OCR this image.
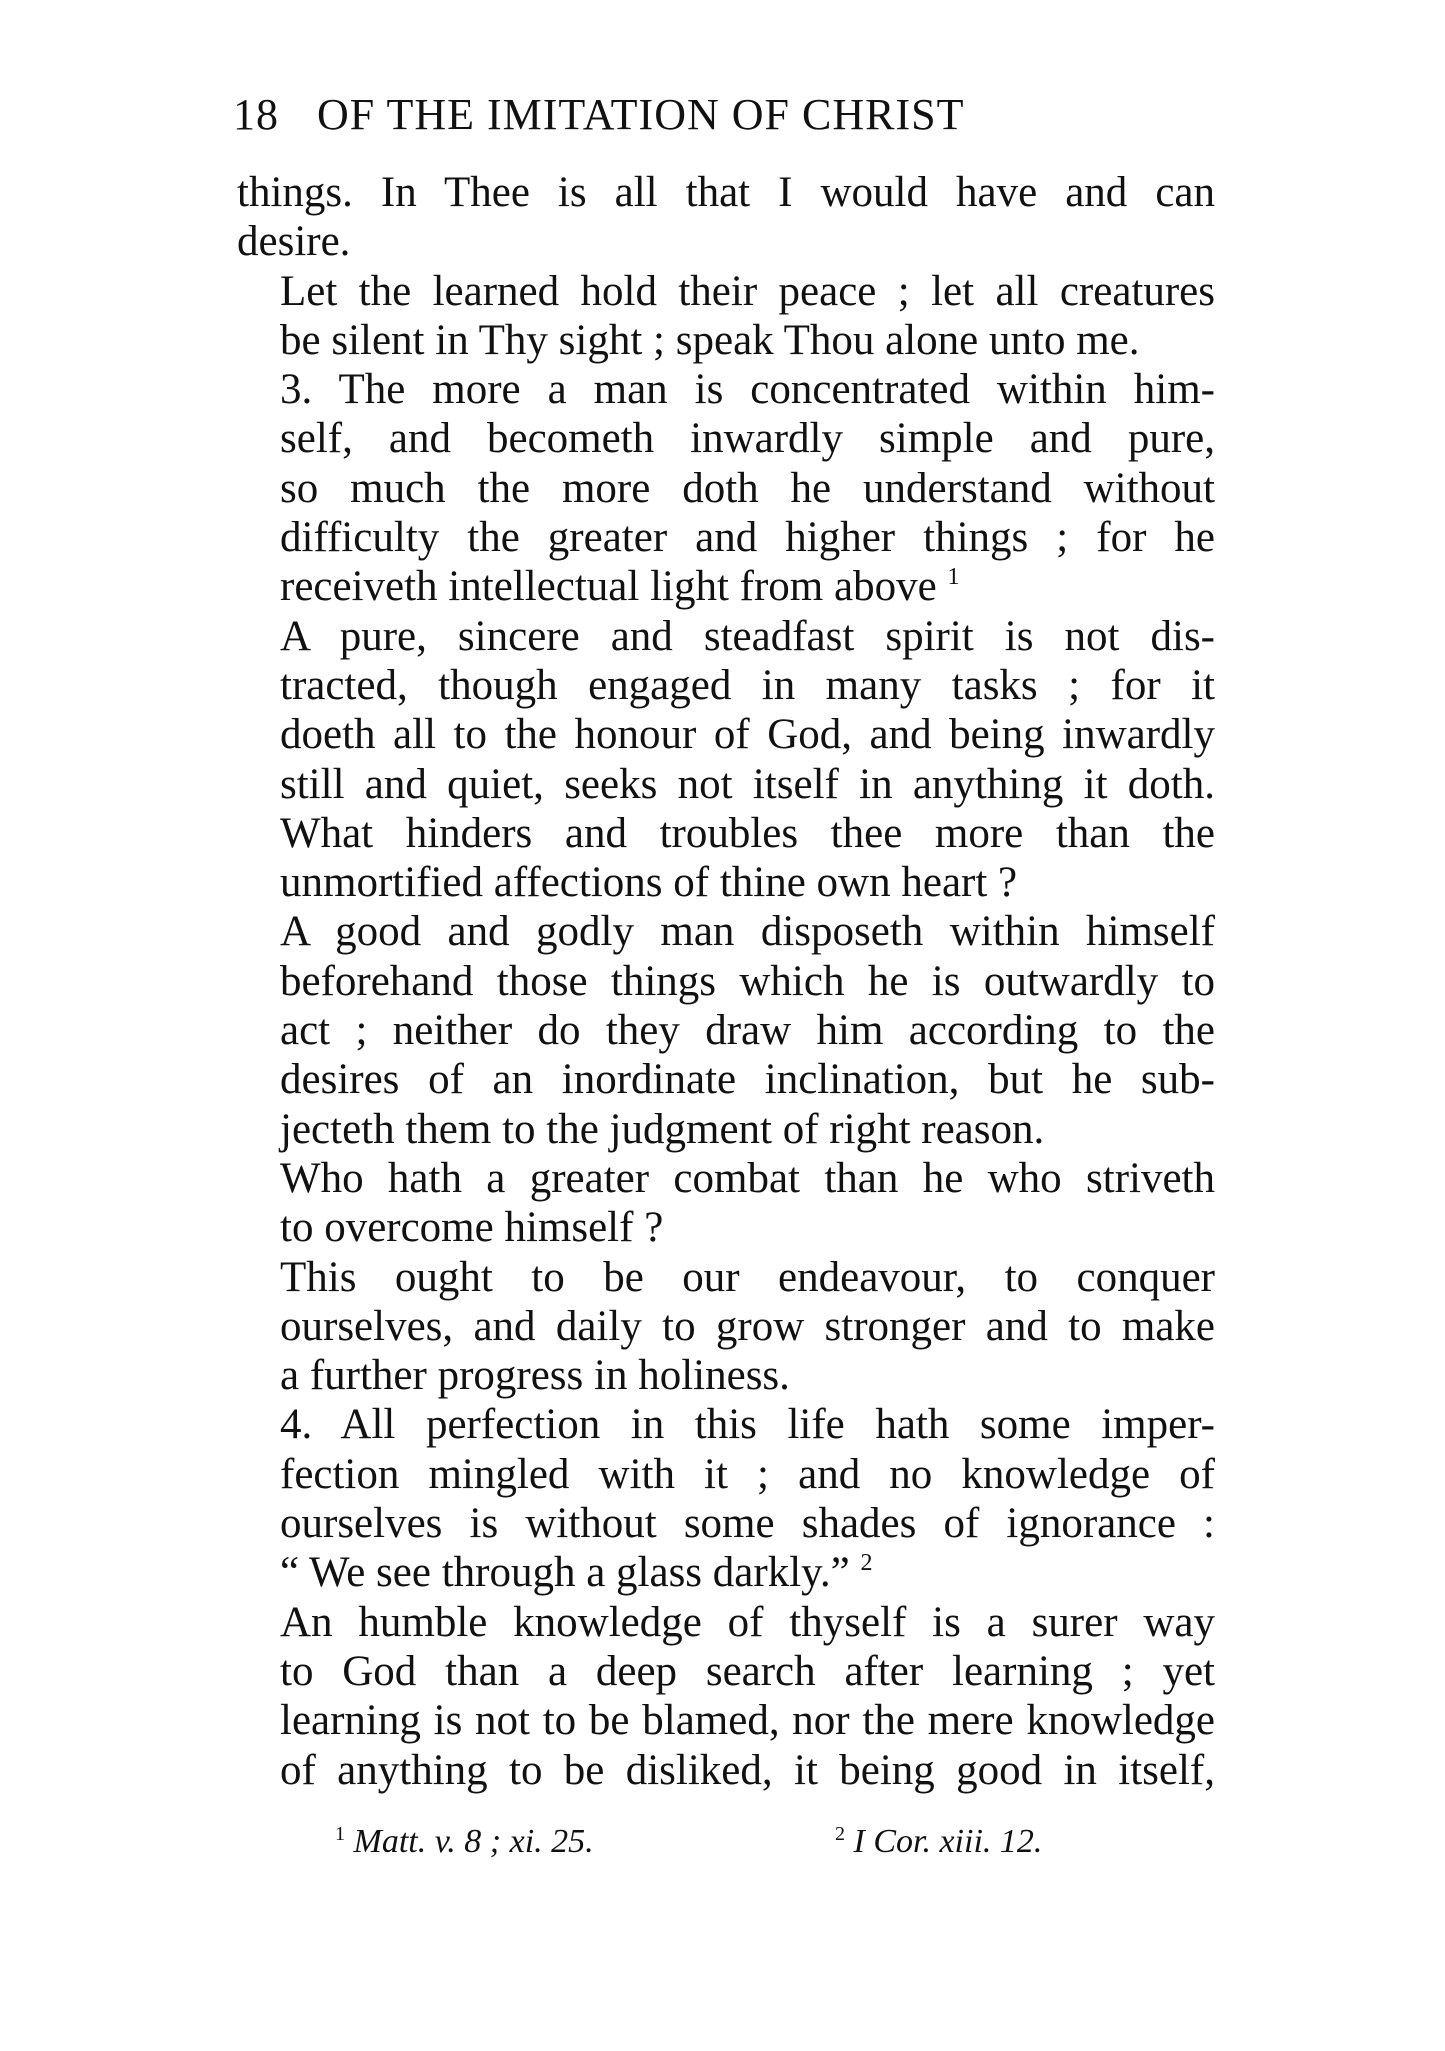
18 OF THE IMITATION OF CHRIST

things. In Thee is all that I would have and can
desire.

Let the learned hold their peace ; let all creatures
be silent in Thy sight ; speak Thou alone unto me.

3. The more a man is concentrated within him-
self, and becometh inwardly simple and pure,
so much the more doth he understand without
difficulty the greater and higher things ; for he
receiveth intellectual light from above $^1$

A pure, sincere and steadfast spirit is not dis-
tracted, though engaged in many tasks ; for it
doeth all to the honour of God, and being inwardly
still and quiet, seeks not itself in anything it doth.

What hinders and troubles thee more than the
unmortified affections of thine own heart ?

A good and godly man disposeth within himself
beforehand those things which he is outwardly to
act ; neither do they draw him according to the
desires of an inordinate inclination, but he sub-
jecteth them to the judgment of right reason.

Who hath a greater combat than he who striveth
to overcome himself ?

This ought to be our endeavour, to conquer
ourselves, and daily to grow stronger and to make
a further progress in holiness.

4. All perfection in this life hath some imper-
fection mingled with it ; and no knowledge of
ourselves is without some shades of ignorance :
“ We see through a glass darkly.” $^2$

An humble knowledge of thyself is a surer way
to God than a deep search after learning ; yet
learning is not to be blamed, nor the mere knowledge
of anything to be disliked, it being good in itself,

$^1$ Matt. v. 8 ; xi. 25.	$^2$ I Cor. xiii. 12.
